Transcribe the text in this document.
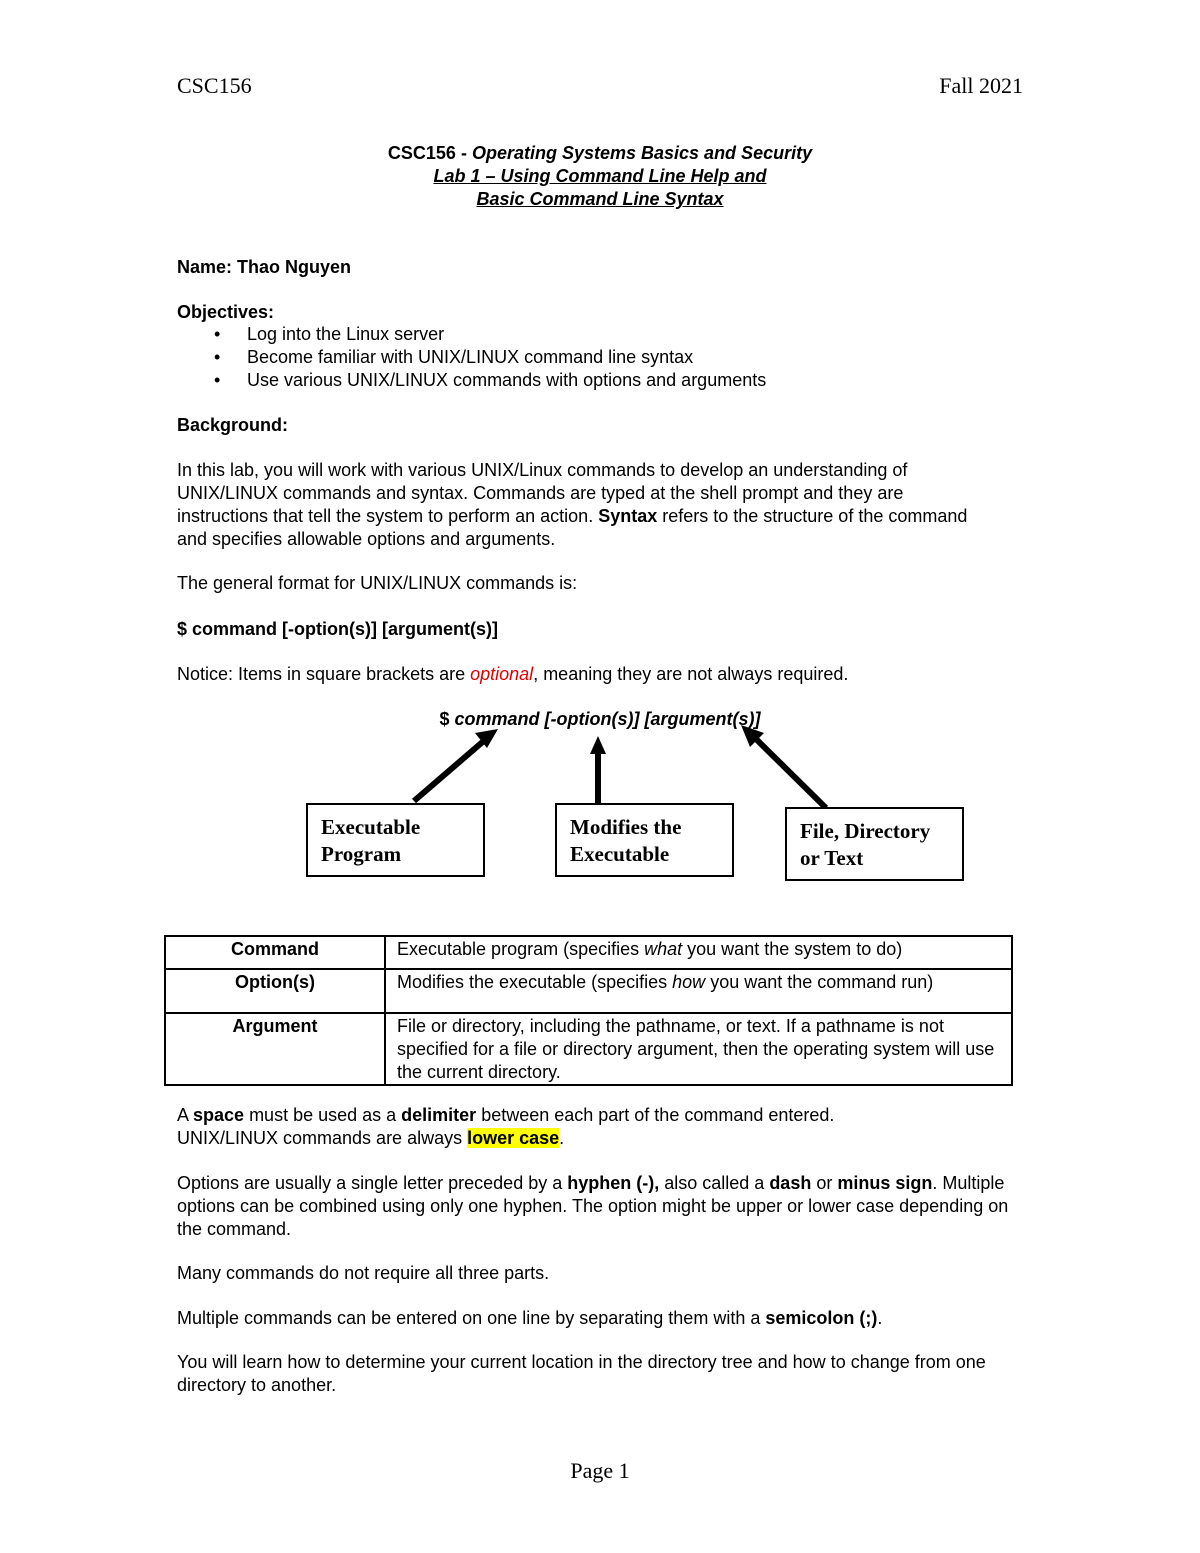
CSC156	Fall 2021
CSC156 - Operating Systems Basics and Security
Lab 1 – Using Command Line Help and
Basic Command Line Syntax
Name: Thao Nguyen
Objectives:
• Log into the Linux server
• Become familiar with UNIX/LINUX command line syntax
• Use various UNIX/LINUX commands with options and arguments
Background:
In this lab, you will work with various UNIX/Linux commands to develop an understanding of UNIX/LINUX commands and syntax. Commands are typed at the shell prompt and they are instructions that tell the system to perform an action. Syntax refers to the structure of the command and specifies allowable options and arguments.
The general format for UNIX/LINUX commands is:
$ command [-option(s)] [argument(s)]
Notice: Items in square brackets are optional, meaning they are not always required.
$ command [-option(s)] [argument(s)]
Executable
Program
Modifies the
Executable
File, Directory
or Text
Command	Executable program (specifies what you want the system to do)
Option(s)	Modifies the executable (specifies how you want the command run)
Argument	File or directory, including the pathname, or text. If a pathname is not specified for a file or directory argument, then the operating system will use the current directory.
A space must be used as a delimiter between each part of the command entered.
UNIX/LINUX commands are always lower case.
Options are usually a single letter preceded by a hyphen (-), also called a dash or minus sign. Multiple options can be combined using only one hyphen. The option might be upper or lower case depending on the command.
Many commands do not require all three parts.
Multiple commands can be entered on one line by separating them with a semicolon (;).
You will learn how to determine your current location in the directory tree and how to change from one directory to another.
Page 1
